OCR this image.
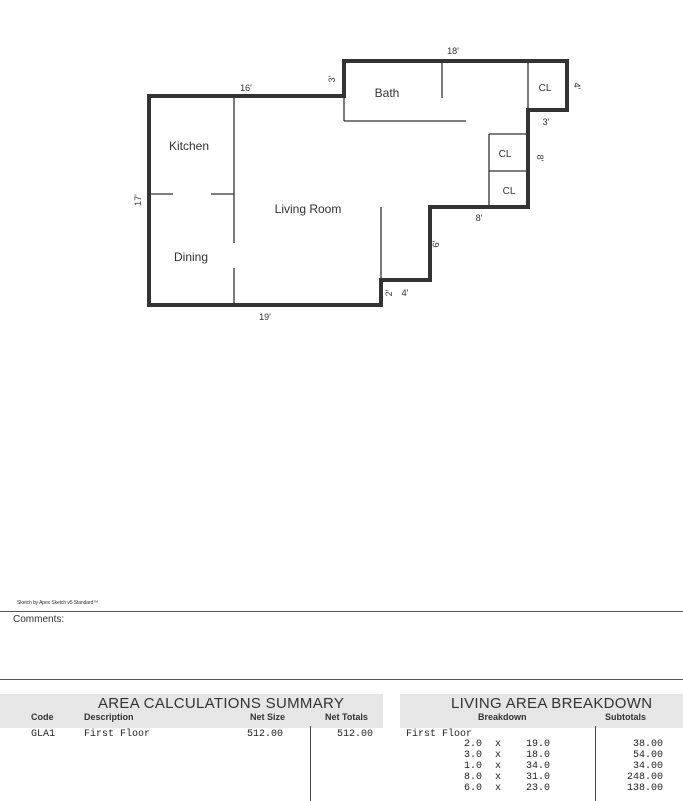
Kitchen
Dining
Living Room
Bath	CL
CL
CL
18'
16'
3'
4'
3'
8'
8'
6'
2' 4'
19'
17'
Sketch by Apex Sketch v5 Standard™
Comments:
AREA CALCULATIONS SUMMARY
Code	Description	Net Size	Net Totals
GLA1	First Floor	512.00	512.00
LIVING AREA BREAKDOWN
Breakdown	Subtotals
First Floor
2.0 x 19.0	38.00
3.0 x 18.0	54.00
1.0 x 34.0	34.00
8.0 x 31.0	248.00
6.0 x 23.0	138.00
